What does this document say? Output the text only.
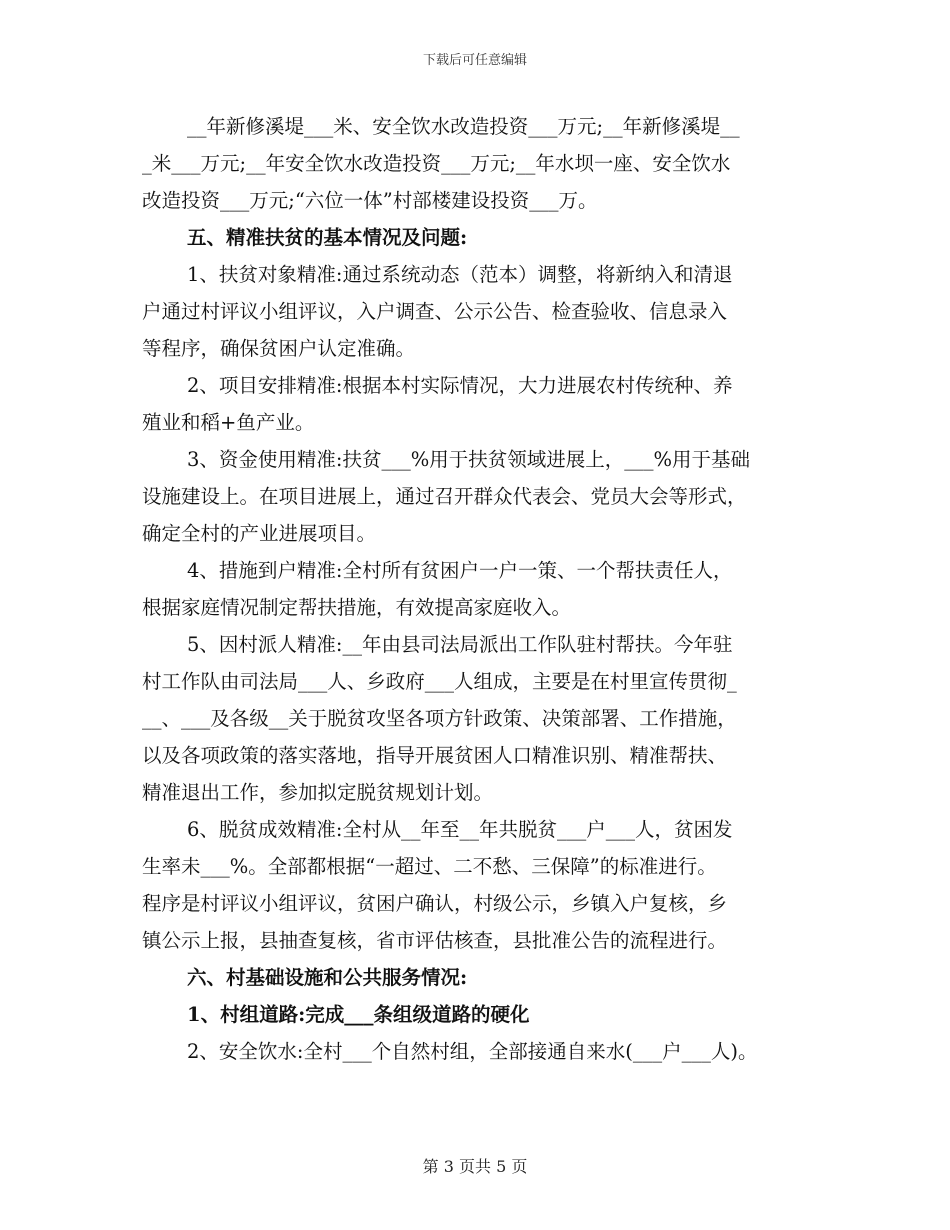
下载后可任意编辑
__年新修溪堤___米、安全饮水改造投资___万元;__年新修溪堤__
_米___万元;__年安全饮水改造投资___万元;__年水坝一座、安全饮水
改造投资___万元;“六位一体”村部楼建设投资___万。
五、精准扶贫的基本情况及问题:
1、扶贫对象精准:通过系统动态（范本）调整，将新纳入和清退
户通过村评议小组评议，入户调查、公示公告、检查验收、信息录入
等程序，确保贫困户认定准确。
2、项目安排精准:根据本村实际情况，大力进展农村传统种、养
殖业和稻+鱼产业。
3、资金使用精准:扶贫___%用于扶贫领域进展上，___%用于基础
设施建设上。在项目进展上，通过召开群众代表会、党员大会等形式，
确定全村的产业进展项目。
4、措施到户精准:全村所有贫困户一户一策、一个帮扶责任人，
根据家庭情况制定帮扶措施，有效提高家庭收入。
5、因村派人精准:__年由县司法局派出工作队驻村帮扶。今年驻
村工作队由司法局___人、乡政府___人组成，主要是在村里宣传贯彻_
__、___及各级__关于脱贫攻坚各项方针政策、决策部署、工作措施，
以及各项政策的落实落地，指导开展贫困人口精准识别、精准帮扶、
精准退出工作，参加拟定脱贫规划计划。
6、脱贫成效精准:全村从__年至__年共脱贫___户___人，贫困发
生率未___%。全部都根据“一超过、二不愁、三保障”的标准进行。
程序是村评议小组评议，贫困户确认，村级公示，乡镇入户复核，乡
镇公示上报，县抽查复核，省市评估核查，县批准公告的流程进行。
六、村基础设施和公共服务情况:
1、村组道路:完成___条组级道路的硬化
2、安全饮水:全村___个自然村组，全部接通自来水(___户___人)。
第 3 页共 5 页
